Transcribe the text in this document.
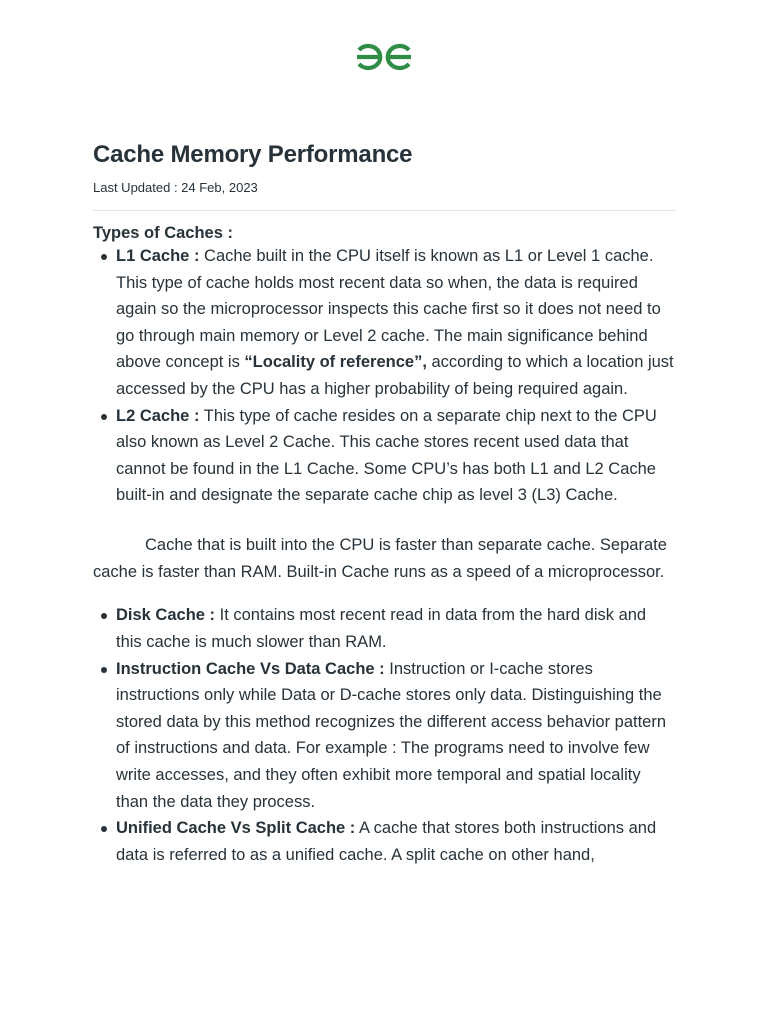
Cache Memory Performance
Last Updated : 24 Feb, 2023
Types of Caches :
L1 Cache : Cache built in the CPU itself is known as L1 or Level 1 cache. This type of cache holds most recent data so when, the data is required again so the microprocessor inspects this cache first so it does not need to go through main memory or Level 2 cache. The main significance behind above concept is “Locality of reference”, according to which a location just accessed by the CPU has a higher probability of being required again.
L2 Cache : This type of cache resides on a separate chip next to the CPU also known as Level 2 Cache. This cache stores recent used data that cannot be found in the L1 Cache. Some CPU’s has both L1 and L2 Cache built-in and designate the separate cache chip as level 3 (L3) Cache.

Cache that is built into the CPU is faster than separate cache. Separate cache is faster than RAM. Built-in Cache runs as a speed of a microprocessor.

Disk Cache : It contains most recent read in data from the hard disk and this cache is much slower than RAM.
Instruction Cache Vs Data Cache : Instruction or I-cache stores instructions only while Data or D-cache stores only data. Distinguishing the stored data by this method recognizes the different access behavior pattern of instructions and data. For example : The programs need to involve few write accesses, and they often exhibit more temporal and spatial locality than the data they process.
Unified Cache Vs Split Cache : A cache that stores both instructions and data is referred to as a unified cache. A split cache on other hand,
